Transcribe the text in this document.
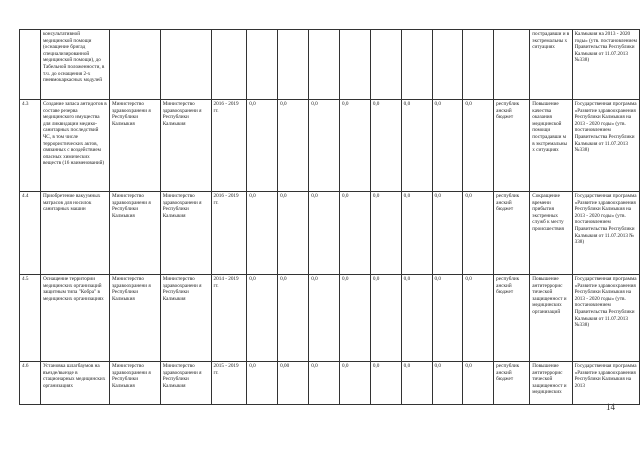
	консультативной медицинской помощи (оснащение бригад специализированной медицинской помощи), до Табельной положенности, в т.ч. до оснащения 2-х пневмокаркасных модулей													пострадавши и в экстремальны х ситуациях	Калмыкия на 2013 - 2020 годы» (утв. постановлением Правительства Республики Калмыкия от 11.07.2013 №338)
4.3	Создание запаса антидотов в составе резерва медицинского имущества для ликвидации медико-санитарных последствий ЧС, в том числе террористических актов, связанных с воздействием опасных химических веществ (16 наименований)	Министерство здравоохранени я Республики Калмыкия	Министерство здравоохранени я Республики Калмыкия	2016 - 2019 гг.	0,0	0,0	0,0	0,0	0,0	0,0	0,0	0,0	республик анский бюджет	Повышение качества оказания медицинской помощи пострадавши м в экстремальны х ситуациях	Государственная программа «Развитие здравоохранения Республики Калмыкия на 2013 - 2020 годы» (утв. постановлением Правительства Республики Калмыкия от 11.07.2013 №338)
4.4	Приобретение вакуумных матрасов для носилок санитарных машин	Министерство здравоохранени я Республики Калмыкия	Министерство здравоохранени я Республики Калмыкия	2016 - 2019 гг.	0,0	0,0	0,0	0,0	0,0	0,0	0,0	0,0	республик анский бюджет	Сокращение времени прибытия экстренных служб к месту происшествия	Государственная программа «Развитие здравоохранения Республики Калмыкия на 2013 - 2020 годы» (утв. постановлением Правительства Республики Калмыкия от 11.07.2013 № 338)
4.5	Оснащение территории медицинских организаций защитным типа "Кобра" в медицинских организациях	Министерство здравоохранени я Республики Калмыкия	Министерство здравоохранени я Республики Калмыкия	2014 - 2019 гг.	0,0	0,0	0,0	0,0	0,0	0,0	0,0	0,0	республик анский бюджет	Повышение антитеррорис тической защищенност и медицинских организаций	Государственная программа «Развитие здравоохранения Республики Калмыкия на 2013 - 2020 годы» (утв. постановлением Правительства Республики Калмыкия от 11.07.2013 №338)
4.6	Установка шлагбаумов на въезде/выезде в стационарных медицинских организациях	Министерство здравоохранени я Республики Калмыкия	Министерство здравоохранени я Республики Калмыкия	2015 - 2019 гг.	0,0	0,00	0,0	0,0	0,0	0,0	0,0	0,0	республик анский бюджет	Повышение антитеррорис тической защищенност и медицинских	Государственная программа «Развитие здравоохранения Республики Калмыкия на 2013
14
